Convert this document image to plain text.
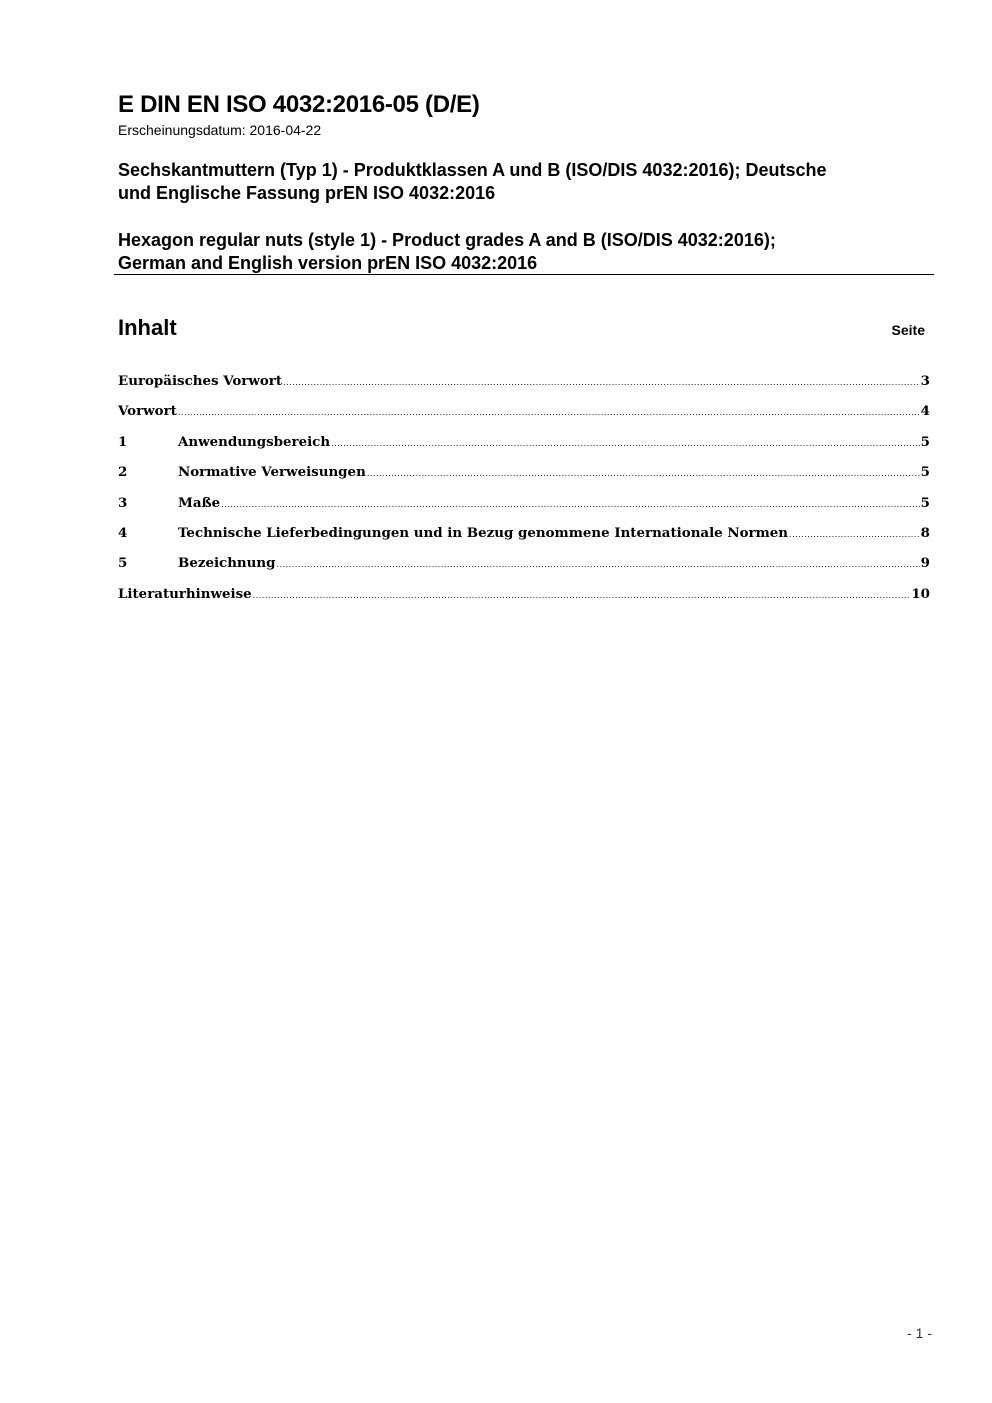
E DIN EN ISO 4032:2016-05 (D/E)
Erscheinungsdatum: 2016-04-22
Sechskantmuttern (Typ 1) - Produktklassen A und B (ISO/DIS 4032:2016); Deutsche
und Englische Fassung prEN ISO 4032:2016
Hexagon regular nuts (style 1) - Product grades A and B (ISO/DIS 4032:2016);
German and English version prEN ISO 4032:2016
Inhalt	Seite
Europäisches Vorwort .....	3
Vorwort .....	4
1	Anwendungsbereich .....	5
2	Normative Verweisungen .....	5
3	Maße .....	5
4	Technische Lieferbedingungen und in Bezug genommene Internationale Normen .....	8
5	Bezeichnung .....	9
Literaturhinweise .....	10
- 1 -
